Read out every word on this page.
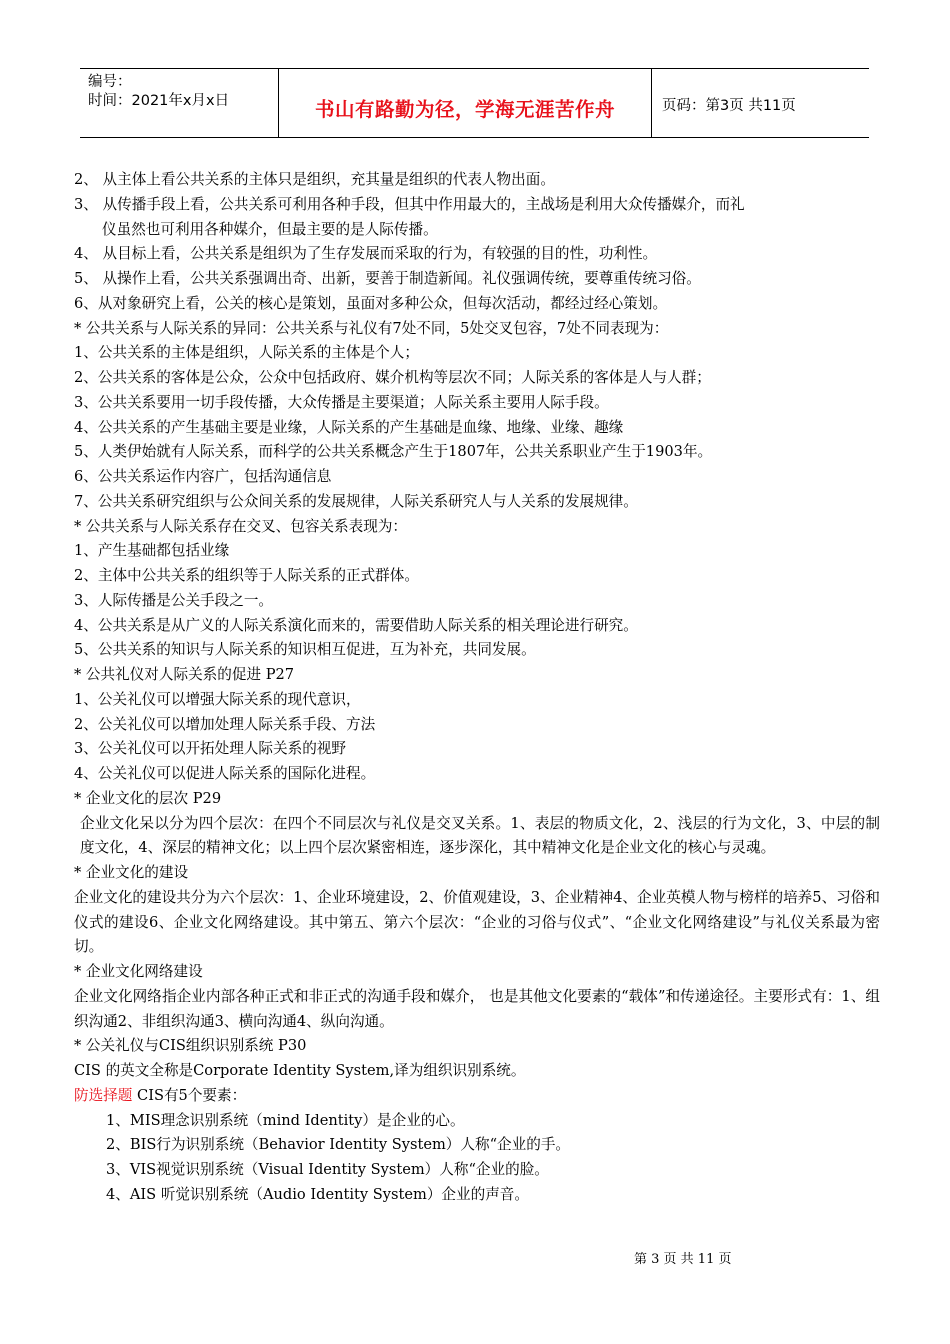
编号：
时间：2021年x月x日	书山有路勤为径，学海无涯苦作舟	页码：第3页 共11页
2、 从主体上看公共关系的主体只是组织，充其量是组织的代表人物出面。
3、 从传播手段上看，公共关系可利用各种手段，但其中作用最大的，主战场是利用大众传播媒介，而礼
仪虽然也可利用各种媒介，但最主要的是人际传播。
4、 从目标上看，公共关系是组织为了生存发展而采取的行为，有较强的目的性，功利性。
5、 从操作上看，公共关系强调出奇、出新，要善于制造新闻。礼仪强调传统，要尊重传统习俗。
6、从对象研究上看，公关的核心是策划，虽面对多种公众，但每次活动，都经过经心策划。
* 公共关系与人际关系的异同：公共关系与礼仪有7处不同，5处交叉包容，7处不同表现为：
1、公共关系的主体是组织，人际关系的主体是个人；
2、公共关系的客体是公众，公众中包括政府、媒介机构等层次不同；人际关系的客体是人与人群；
3、公共关系要用一切手段传播，大众传播是主要渠道；人际关系主要用人际手段。
4、公共关系的产生基础主要是业缘，人际关系的产生基础是血缘、地缘、业缘、趣缘
5、人类伊始就有人际关系，而科学的公共关系概念产生于1807年，公共关系职业产生于1903年。
6、公共关系运作内容广，包括沟通信息
7、公共关系研究组织与公众间关系的发展规律，人际关系研究人与人关系的发展规律。
* 公共关系与人际关系存在交叉、包容关系表现为：
1、产生基础都包括业缘
2、主体中公共关系的组织等于人际关系的正式群体。
3、人际传播是公关手段之一。
4、公共关系是从广义的人际关系演化而来的，需要借助人际关系的相关理论进行研究。
5、公共关系的知识与人际关系的知识相互促进，互为补充，共同发展。
* 公共礼仪对人际关系的促进 P27
1、公关礼仪可以增强大际关系的现代意识，
2、公关礼仪可以增加处理人际关系手段、方法
3、公关礼仪可以开拓处理人际关系的视野
4、公关礼仪可以促进人际关系的国际化进程。
* 企业文化的层次 P29
企业文化呆以分为四个层次：在四个不同层次与礼仪是交叉关系。1、表层的物质文化，2、浅层的行为文化，3、中层的制度文化，4、深层的精神文化；以上四个层次紧密相连，逐步深化，其中精神文化是企业文化的核心与灵魂。
* 企业文化的建设
企业文化的建设共分为六个层次：1、企业环境建设，2、价值观建设，3、企业精神4、企业英模人物与榜样的培养5、习俗和仪式的建设6、企业文化网络建设。其中第五、第六个层次：“企业的习俗与仪式”、“企业文化网络建设”与礼仪关系最为密切。
* 企业文化网络建设
企业文化网络指企业内部各种正式和非正式的沟通手段和媒介， 也是其他文化要素的“载体”和传递途径。主要形式有：1、组织沟通2、非组织沟通3、横向沟通4、纵向沟通。
* 公关礼仪与CIS组织识别系统 P30
CIS 的英文全称是Corporate Identity System,译为组织识别系统。
防选择题 CIS有5个要素：
1、MIS理念识别系统（mind Identity）是企业的心。
2、BIS行为识别系统（Behavior Identity System）人称“企业的手。
3、VIS视觉识别系统（Visual Identity System）人称“企业的脸。
4、AIS 听觉识别系统（Audio Identity System）企业的声音。
第 3 页 共 11 页
